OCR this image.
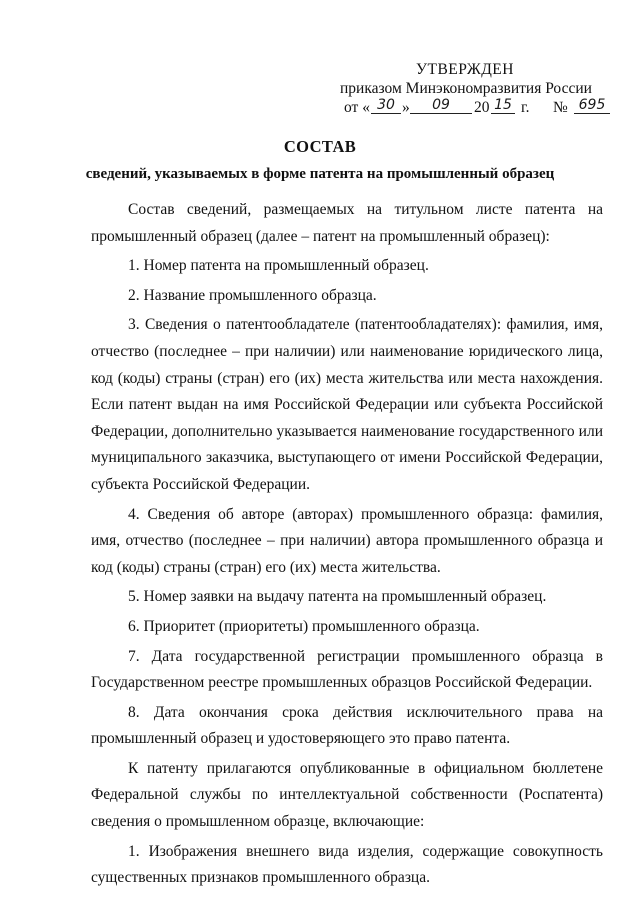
УТВЕРЖДЕН
приказом Минэкономразвития России
от « 30 »	09	20 15 г. № 695
СОСТАВ
сведений, указываемых в форме патента на промышленный образец

Состав сведений, размещаемых на титульном листе патента на промышленный образец (далее – патент на промышленный образец):

1. Номер патента на промышленный образец.

2. Название промышленного образца.

3. Сведения о патентообладателе (патентообладателях): фамилия, имя, отчество (последнее – при наличии) или наименование юридического лица, код (коды) страны (стран) его (их) места жительства или места нахождения. Если патент выдан на имя Российской Федерации или субъекта Российской Федерации, дополнительно указывается наименование государственного или муниципального заказчика, выступающего от имени Российской Федерации, субъекта Российской Федерации.

4. Сведения об авторе (авторах) промышленного образца: фамилия, имя, отчество (последнее – при наличии) автора промышленного образца и код (коды) страны (стран) его (их) места жительства.

5. Номер заявки на выдачу патента на промышленный образец.

6. Приоритет (приоритеты) промышленного образца.

7. Дата государственной регистрации промышленного образца в Государственном реестре промышленных образцов Российской Федерации.

8. Дата окончания срока действия исключительного права на промышленный образец и удостоверяющего это право патента.

К патенту прилагаются опубликованные в официальном бюллетене Федеральной службы по интеллектуальной собственности (Роспатента) сведения о промышленном образце, включающие:

1. Изображения внешнего вида изделия, содержащие совокупность существенных признаков промышленного образца.
